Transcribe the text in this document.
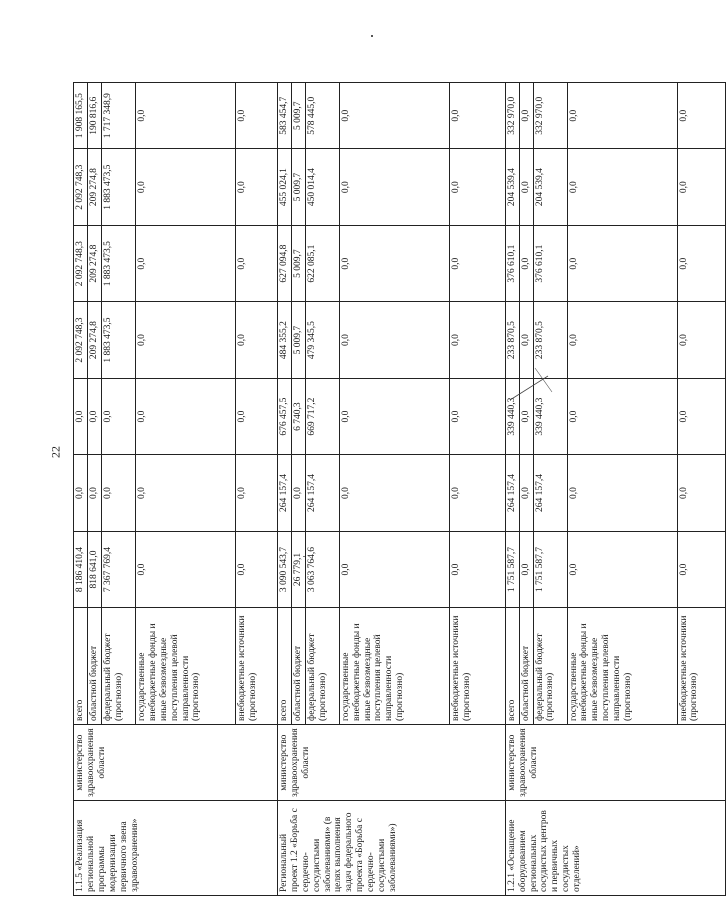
22
1.1.5 «Реализация региональной программы модернизации первичного звена здравоохранения»	министерство здравоохранения области	всего	8 186 410,4	0,0	0,0	2 092 748,3	2 092 748,3	2 092 748,3	1 908 165,5
		областной бюджет	818 641,0	0,0	0,0	209 274,8	209 274,8	209 274,8	190 816,6
		федеральный бюджет (прогнозно)	7 367 769,4	0,0	0,0	1 883 473,5	1 883 473,5	1 883 473,5	1 717 348,9
		государственные внебюджетные фонды и иные безвозмездные поступления целевой направленности (прогнозно)	0,0	0,0	0,0	0,0	0,0	0,0	0,0
		внебюджетные источники (прогнозно)	0,0	0,0	0,0	0,0	0,0	0,0	0,0
Региональный проект 1.2 «Борьба с сердечно-сосудистыми заболеваниями» (в целях выполнения задач федерального проекта «Борьба с сердечно-сосудистыми заболеваниями»)	министерство здравоохранения области	всего	3 090 543,7	264 157,4	676 457,5	484 355,2	627 094,8	455 024,1	583 454,7
		областной бюджет	26 779,1	0,0	6 740,3	5 009,7	5 009,7	5 009,7	5 009,7
		федеральный бюджет (прогнозно)	3 063 764,6	264 157,4	669 717,2	479 345,5	622 085,1	450 014,4	578 445,0
		государственные внебюджетные фонды и иные безвозмездные поступления целевой направленности (прогнозно)	0,0	0,0	0,0	0,0	0,0	0,0	0,0
		внебюджетные источники (прогнозно)	0,0	0,0	0,0	0,0	0,0	0,0	0,0
1.2.1 «Оснащение оборудованием региональных сосудистых центров и первичных сосудистых отделений»	министерство здравоохранения области	всего	1 751 587,7	264 157,4	339 440,3	233 870,5	376 610,1	204 539,4	332 970,0
		областной бюджет	0,0	0,0	0,0	0,0	0,0	0,0	0,0
		федеральный бюджет (прогнозно)	1 751 587,7	264 157,4	339 440,3	233 870,5	376 610,1	204 539,4	332 970,0
		государственные внебюджетные фонды и иные безвозмездные поступления целевой направленности (прогнозно)	0,0	0,0	0,0	0,0	0,0	0,0	0,0
		внебюджетные источники (прогнозно)	0,0	0,0	0,0	0,0	0,0	0,0	0,0
